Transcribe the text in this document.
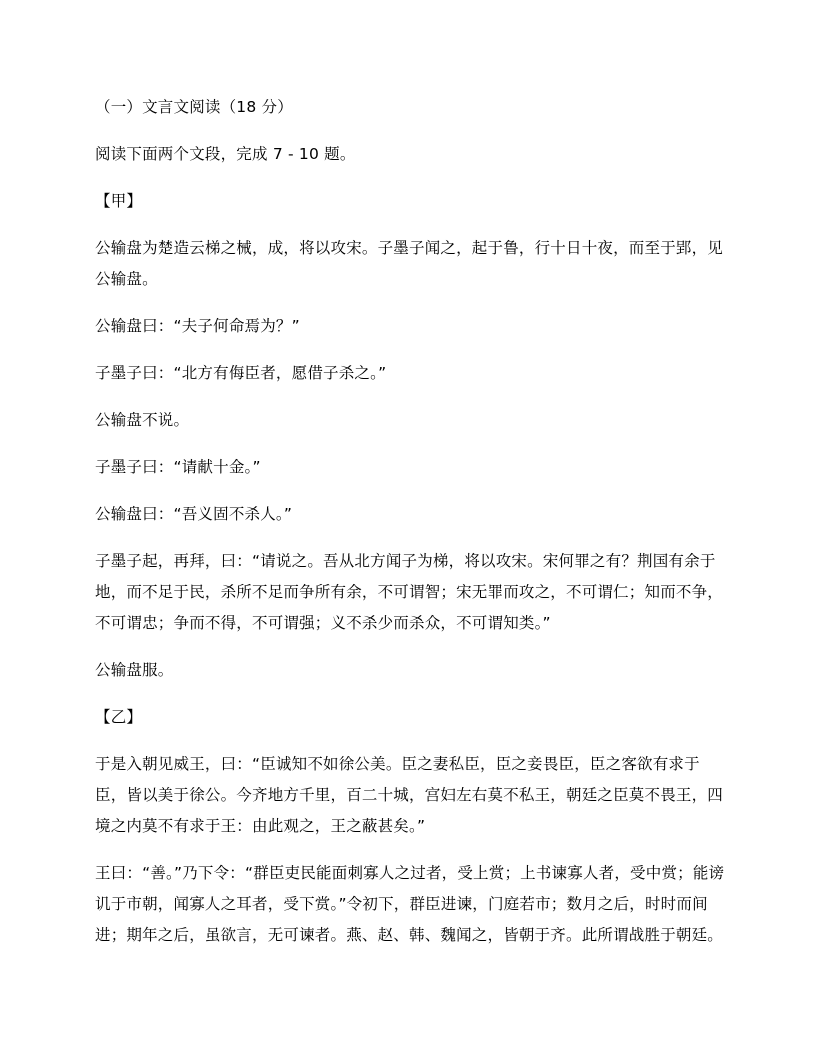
（一）文言文阅读（18 分）

阅读下面两个文段，完成 7 - 10 题。

【甲】

公输盘为楚造云梯之械，成，将以攻宋。子墨子闻之，起于鲁，行十日十夜，而至于郢，见公输盘。

公输盘曰：“夫子何命焉为？”

子墨子曰：“北方有侮臣者，愿借子杀之。”

公输盘不说。

子墨子曰：“请献十金。”

公输盘曰：“吾义固不杀人。”

子墨子起，再拜，曰：“请说之。吾从北方闻子为梯，将以攻宋。宋何罪之有？荆国有余于地，而不足于民，杀所不足而争所有余，不可谓智；宋无罪而攻之，不可谓仁；知而不争，不可谓忠；争而不得，不可谓强；义不杀少而杀众，不可谓知类。”

公输盘服。

【乙】

于是入朝见威王，曰：“臣诚知不如徐公美。臣之妻私臣，臣之妾畏臣，臣之客欲有求于臣，皆以美于徐公。今齐地方千里，百二十城，宫妇左右莫不私王，朝廷之臣莫不畏王，四境之内莫不有求于王：由此观之，王之蔽甚矣。”

王曰：“善。”乃下令：“群臣吏民能面刺寡人之过者，受上赏；上书谏寡人者，受中赏；能谤讥于市朝，闻寡人之耳者，受下赏。”令初下，群臣进谏，门庭若市；数月之后，时时而间进；期年之后，虽欲言，无可谏者。燕、赵、韩、魏闻之，皆朝于齐。此所谓战胜于朝廷。
